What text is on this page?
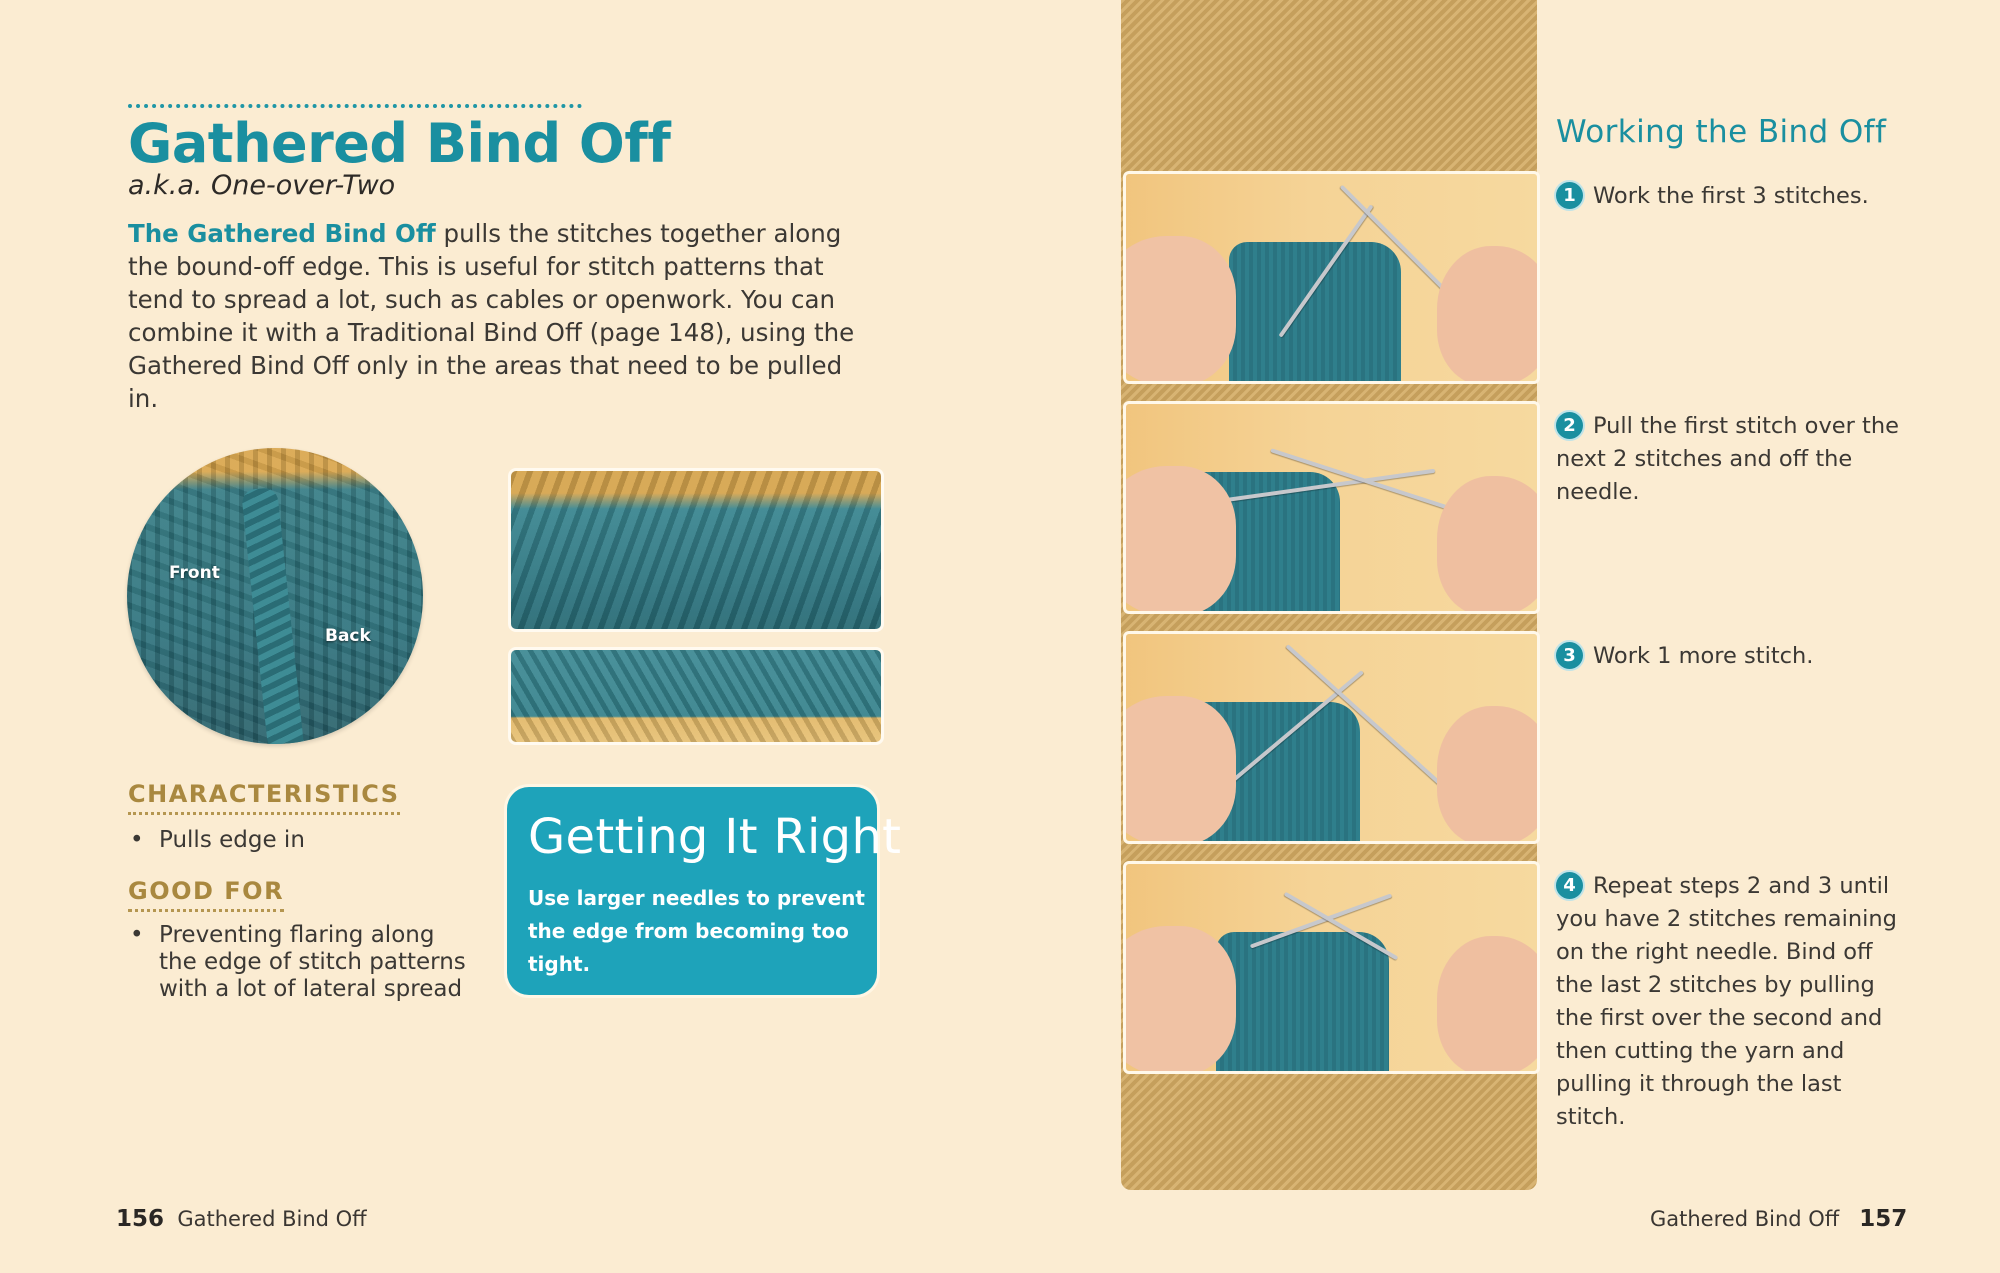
Gathered Bind Off
a.k.a. One-over-Two
The Gathered Bind Off pulls the stitches together along the bound-off edge. This is useful for stitch patterns that tend to spread a lot, such as cables or openwork. You can combine it with a Traditional Bind Off (page 148), using the Gathered Bind Off only in the areas that need to be pulled in.
Front
Back
CHARACTERISTICS
• Pulls edge in
GOOD FOR
• Preventing flaring along the edge of stitch patterns with a lot of lateral spread
Getting It Right
Use larger needles to prevent the edge from becoming too tight.
156 Gathered Bind Off
Working the Bind Off
1 Work the first 3 stitches.
2 Pull the first stitch over the next 2 stitches and off the needle.
3 Work 1 more stitch.
4 Repeat steps 2 and 3 until you have 2 stitches remaining on the right needle. Bind off the last 2 stitches by pulling the first over the second and then cutting the yarn and pulling it through the last stitch.
Gathered Bind Off 157
